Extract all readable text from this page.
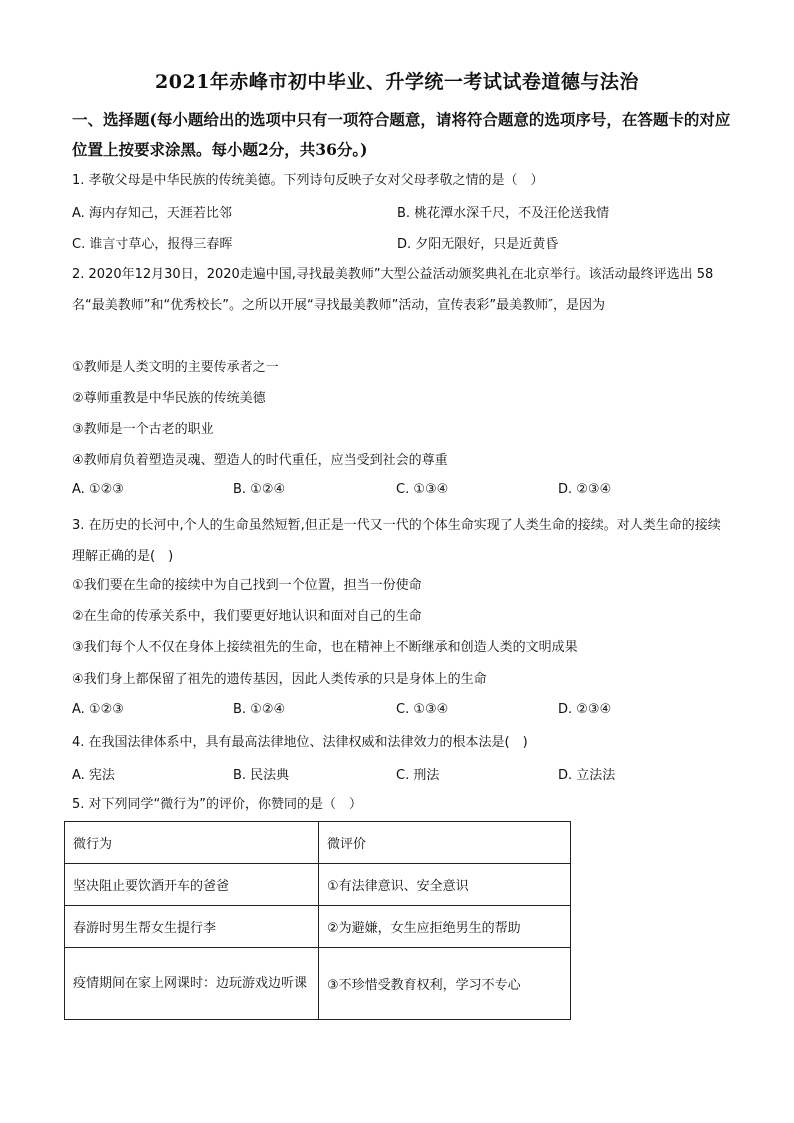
2021年赤峰市初中毕业、升学统一考试试卷道德与法治
一、选择题(每小题给出的选项中只有一项符合题意，请将符合题意的选项序号，在答题卡的对应位置上按要求涂黑。每小题2分，共36分。)
1. 孝敬父母是中华民族的传统美德。下列诗句反映子女对父母孝敬之情的是（　）
A. 海内存知己，天涯若比邻	B. 桃花潭水深千尺，不及汪伦送我情
C. 谁言寸草心，报得三春晖	D. 夕阳无限好，只是近黄昏
2. 2020年12月30日，2020走遍中国,寻找最美教师”大型公益活动颁奖典礼在北京举行。该活动最终评选出 58名“最美教师”和“优秀校长”。之所以开展“寻找最美教师”活动，宣传表彩”最美教师″，是因为
①教师是人类文明的主要传承者之一
②尊师重教是中华民族的传统美德
③教师是一个古老的职业
④教师肩负着塑造灵魂、塑造人的时代重任，应当受到社会的尊重
A. ①②③	B. ①②④	C. ①③④	D. ②③④
3. 在历史的长河中,个人的生命虽然短暂,但正是一代又一代的个体生命实现了人类生命的接续。对人类生命的接续理解正确的是(　)
①我们要在生命的接续中为自己找到一个位置，担当一份使命
②在生命的传承关系中，我们要更好地认识和面对自己的生命
③我们每个人不仅在身体上接续祖先的生命，也在精神上不断继承和创造人类的文明成果
④我们身上都保留了祖先的遗传基因，因此人类传承的只是身体上的生命
A. ①②③	B. ①②④	C. ①③④	D. ②③④
4. 在我国法律体系中，具有最高法律地位、法律权威和法律效力的根本法是(　)
A. 宪法	B. 民法典	C. 刑法	D. 立法法
5. 对下列同学“微行为”的评价，你赞同的是（　）
微行为	微评价
坚决阻止要饮酒开车的爸爸	①有法律意识、安全意识
春游时男生帮女生提行李	②为避嫌，女生应拒绝男生的帮助
疫情期间在家上网课时：边玩游戏边听课	③不珍惜受教育权利，学习不专心
